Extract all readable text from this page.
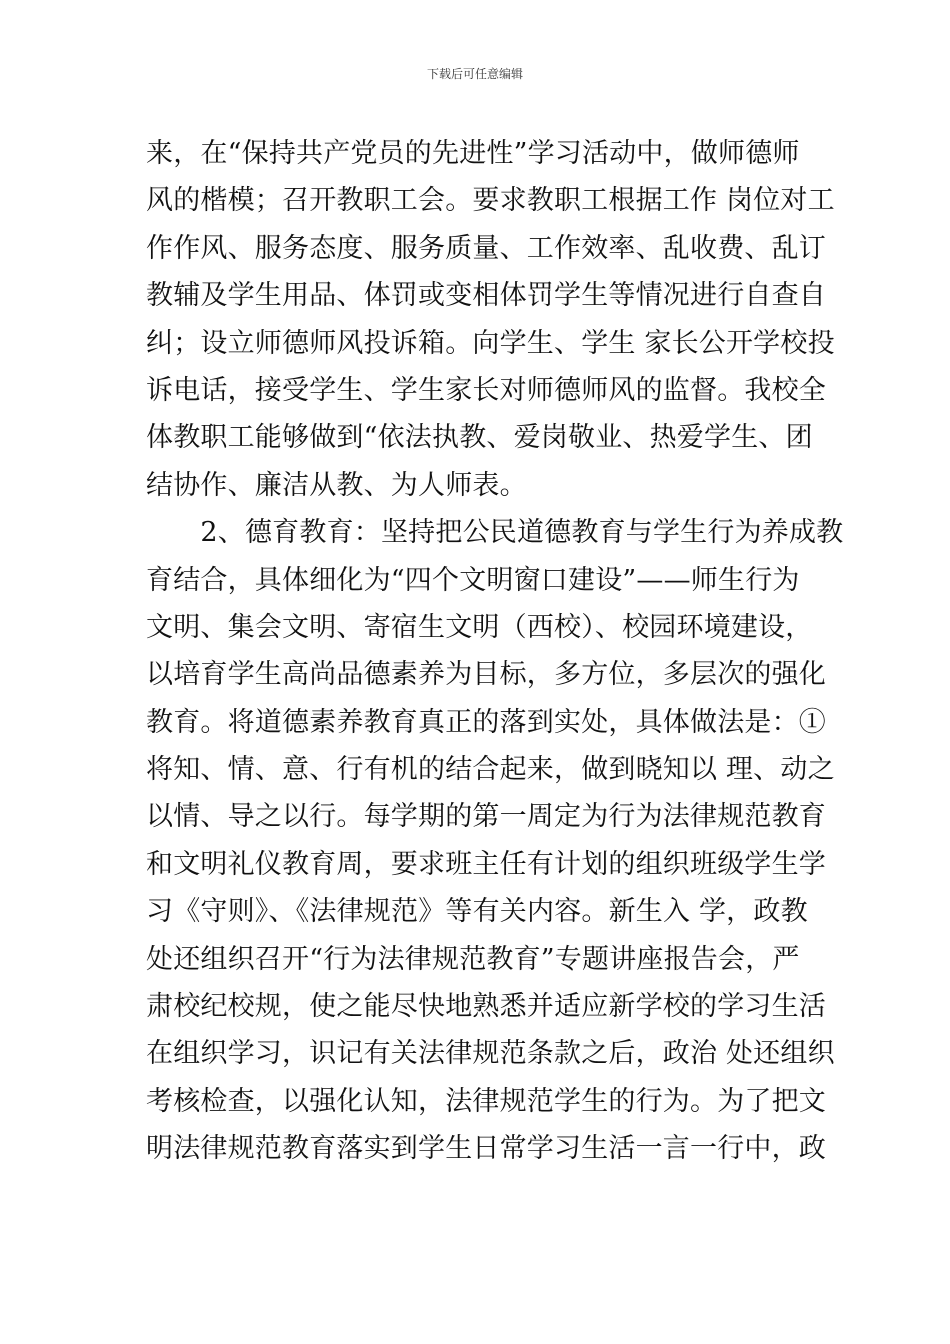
下载后可任意编辑
来，在“保持共产党员的先进性”学习活动中，做师德师
风的楷模；召开教职工会。要求教职工根据工作 岗位对工
作作风、服务态度、服务质量、工作效率、乱收费、乱订
教辅及学生用品、体罚或变相体罚学生等情况进行自查自
纠；设立师德师风投诉箱。向学生、学生 家长公开学校投
诉电话，接受学生、学生家长对师德师风的监督。我校全
体教职工能够做到“依法执教、爱岗敬业、热爱学生、团
结协作、廉洁从教、为人师表。
　　2、德育教育：坚持把公民道德教育与学生行为养成教
育结合，具体细化为“四个文明窗口建设”——师生行为
文明、集会文明、寄宿生文明（西校）、校园环境建设，
以培育学生高尚品德素养为目标，多方位，多层次的强化
教育。将道德素养教育真正的落到实处，具体做法是：①
将知、情、意、行有机的结合起来，做到晓知以 理、动之
以情、导之以行。每学期的第一周定为行为法律规范教育
和文明礼仪教育周，要求班主任有计划的组织班级学生学
习《守则》、《法律规范》等有关内容。新生入 学，政教
处还组织召开“行为法律规范教育”专题讲座报告会，严
肃校纪校规，使之能尽快地熟悉并适应新学校的学习生活
在组织学习，识记有关法律规范条款之后，政治 处还组织
考核检查，以强化认知，法律规范学生的行为。为了把文
明法律规范教育落实到学生日常学习生活一言一行中，政
